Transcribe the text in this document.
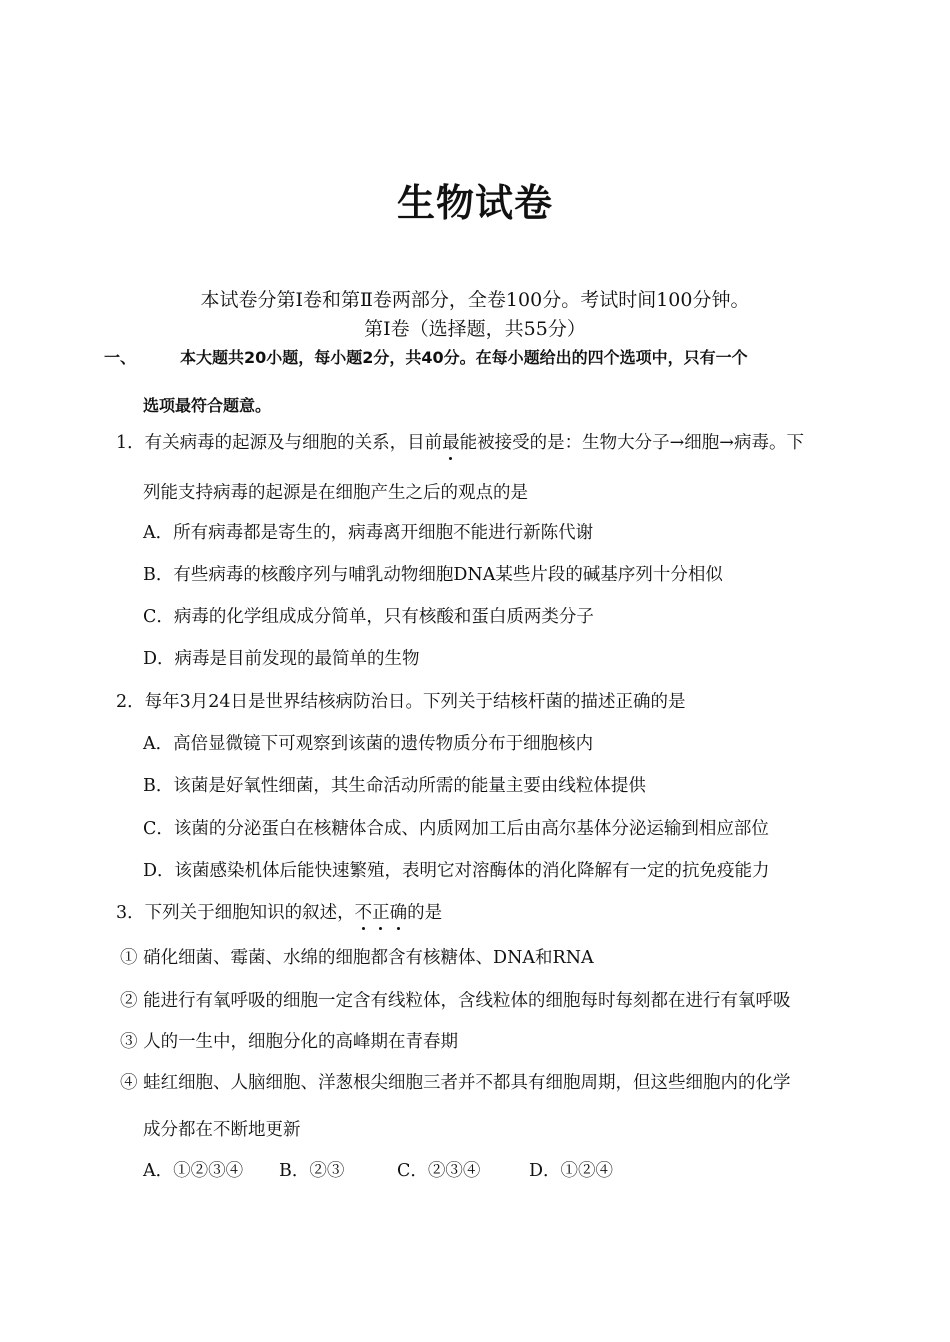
生物试卷
本试卷分第Ⅰ卷和第Ⅱ卷两部分，全卷100分。考试时间100分钟。
第Ⅰ卷（选择题，共55分）
一、	本大题共20小题，每小题2分，共40分。在每小题给出的四个选项中，只有一个
选项最符合题意。
1．有关病毒的起源及与细胞的关系，目前最能被接受的是：生物大分子→细胞→病毒。下
列能支持病毒的起源是在细胞产生之后的观点的是
A．所有病毒都是寄生的，病毒离开细胞不能进行新陈代谢
B．有些病毒的核酸序列与哺乳动物细胞DNA某些片段的碱基序列十分相似
C．病毒的化学组成成分简单，只有核酸和蛋白质两类分子
D．病毒是目前发现的最简单的生物
2．每年3月24日是世界结核病防治日。下列关于结核杆菌的描述正确的是
A．高倍显微镜下可观察到该菌的遗传物质分布于细胞核内
B．该菌是好氧性细菌，其生命活动所需的能量主要由线粒体提供
C．该菌的分泌蛋白在核糖体合成、内质网加工后由高尔基体分泌运输到相应部位
D．该菌感染机体后能快速繁殖，表明它对溶酶体的消化降解有一定的抗免疫能力
3．下列关于细胞知识的叙述，不正确的是
① 硝化细菌、霉菌、水绵的细胞都含有核糖体、DNA和RNA
② 能进行有氧呼吸的细胞一定含有线粒体，含线粒体的细胞每时每刻都在进行有氧呼吸
③ 人的一生中，细胞分化的高峰期在青春期
④ 蛙红细胞、人脑细胞、洋葱根尖细胞三者并不都具有细胞周期，但这些细胞内的化学
成分都在不断地更新
A．①②③④ B．②③	C．②③④	D．①②④
